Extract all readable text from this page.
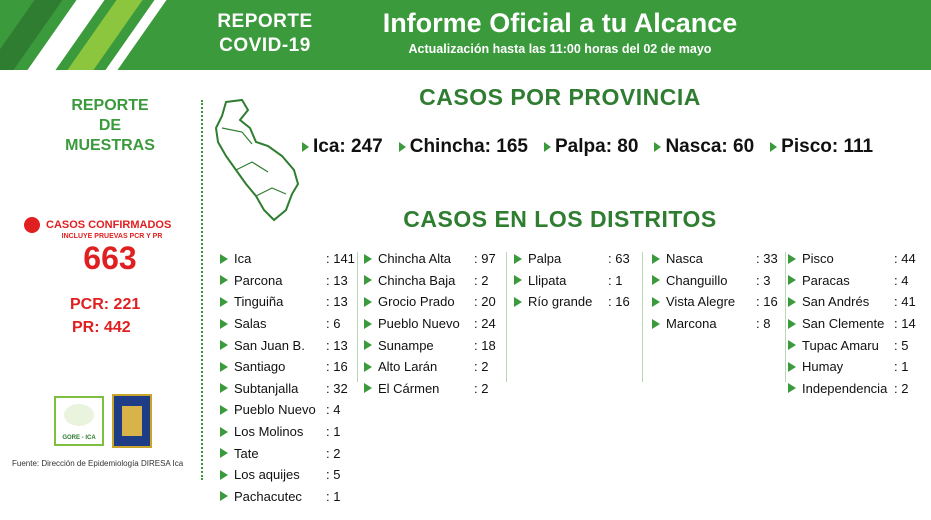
REPORTE
COVID-19
Informe Oficial a tu Alcance
Actualización hasta las 11:00 horas del 02 de mayo
REPORTE
DE
MUESTRAS
CASOS CONFIRMADOS
INCLUYE PRUEVAS PCR Y PR
663
PCR: 221
PR: 442
GORE - ICA
Fuente: Dirección de Epidemiología DIRESA Ica
CASOS POR PROVINCIA
Ica: 247 Chincha: 165 Palpa: 80 Nasca: 60 Pisco: 111
CASOS EN LOS DISTRITOS
Ica	: 141
Parcona	: 13
Tinguiña	: 13
Salas	: 6
San Juan B.	: 13
Santiago	: 16
Subtanjalla	: 32
Pueblo Nuevo : 4
Los Molinos	: 1
Tate	: 2
Los aquijes	: 5
Pachacutec	: 1
Chincha Alta	: 97
Chincha Baja	: 2
Grocio Prado	: 20
Pueblo Nuevo	: 24
Sunampe	: 18
Alto Larán	: 2
El Cármen	: 2
Palpa	: 63
Llipata	: 1
Río grande	: 16
Nasca	: 33
Changuillo	: 3
Vista Alegre	: 16
Marcona	: 8
Pisco	: 44
Paracas	: 4
San Andrés	: 41
San Clemente : 14
Tupac Amaru	: 5
Humay	: 1
Independencia : 2
